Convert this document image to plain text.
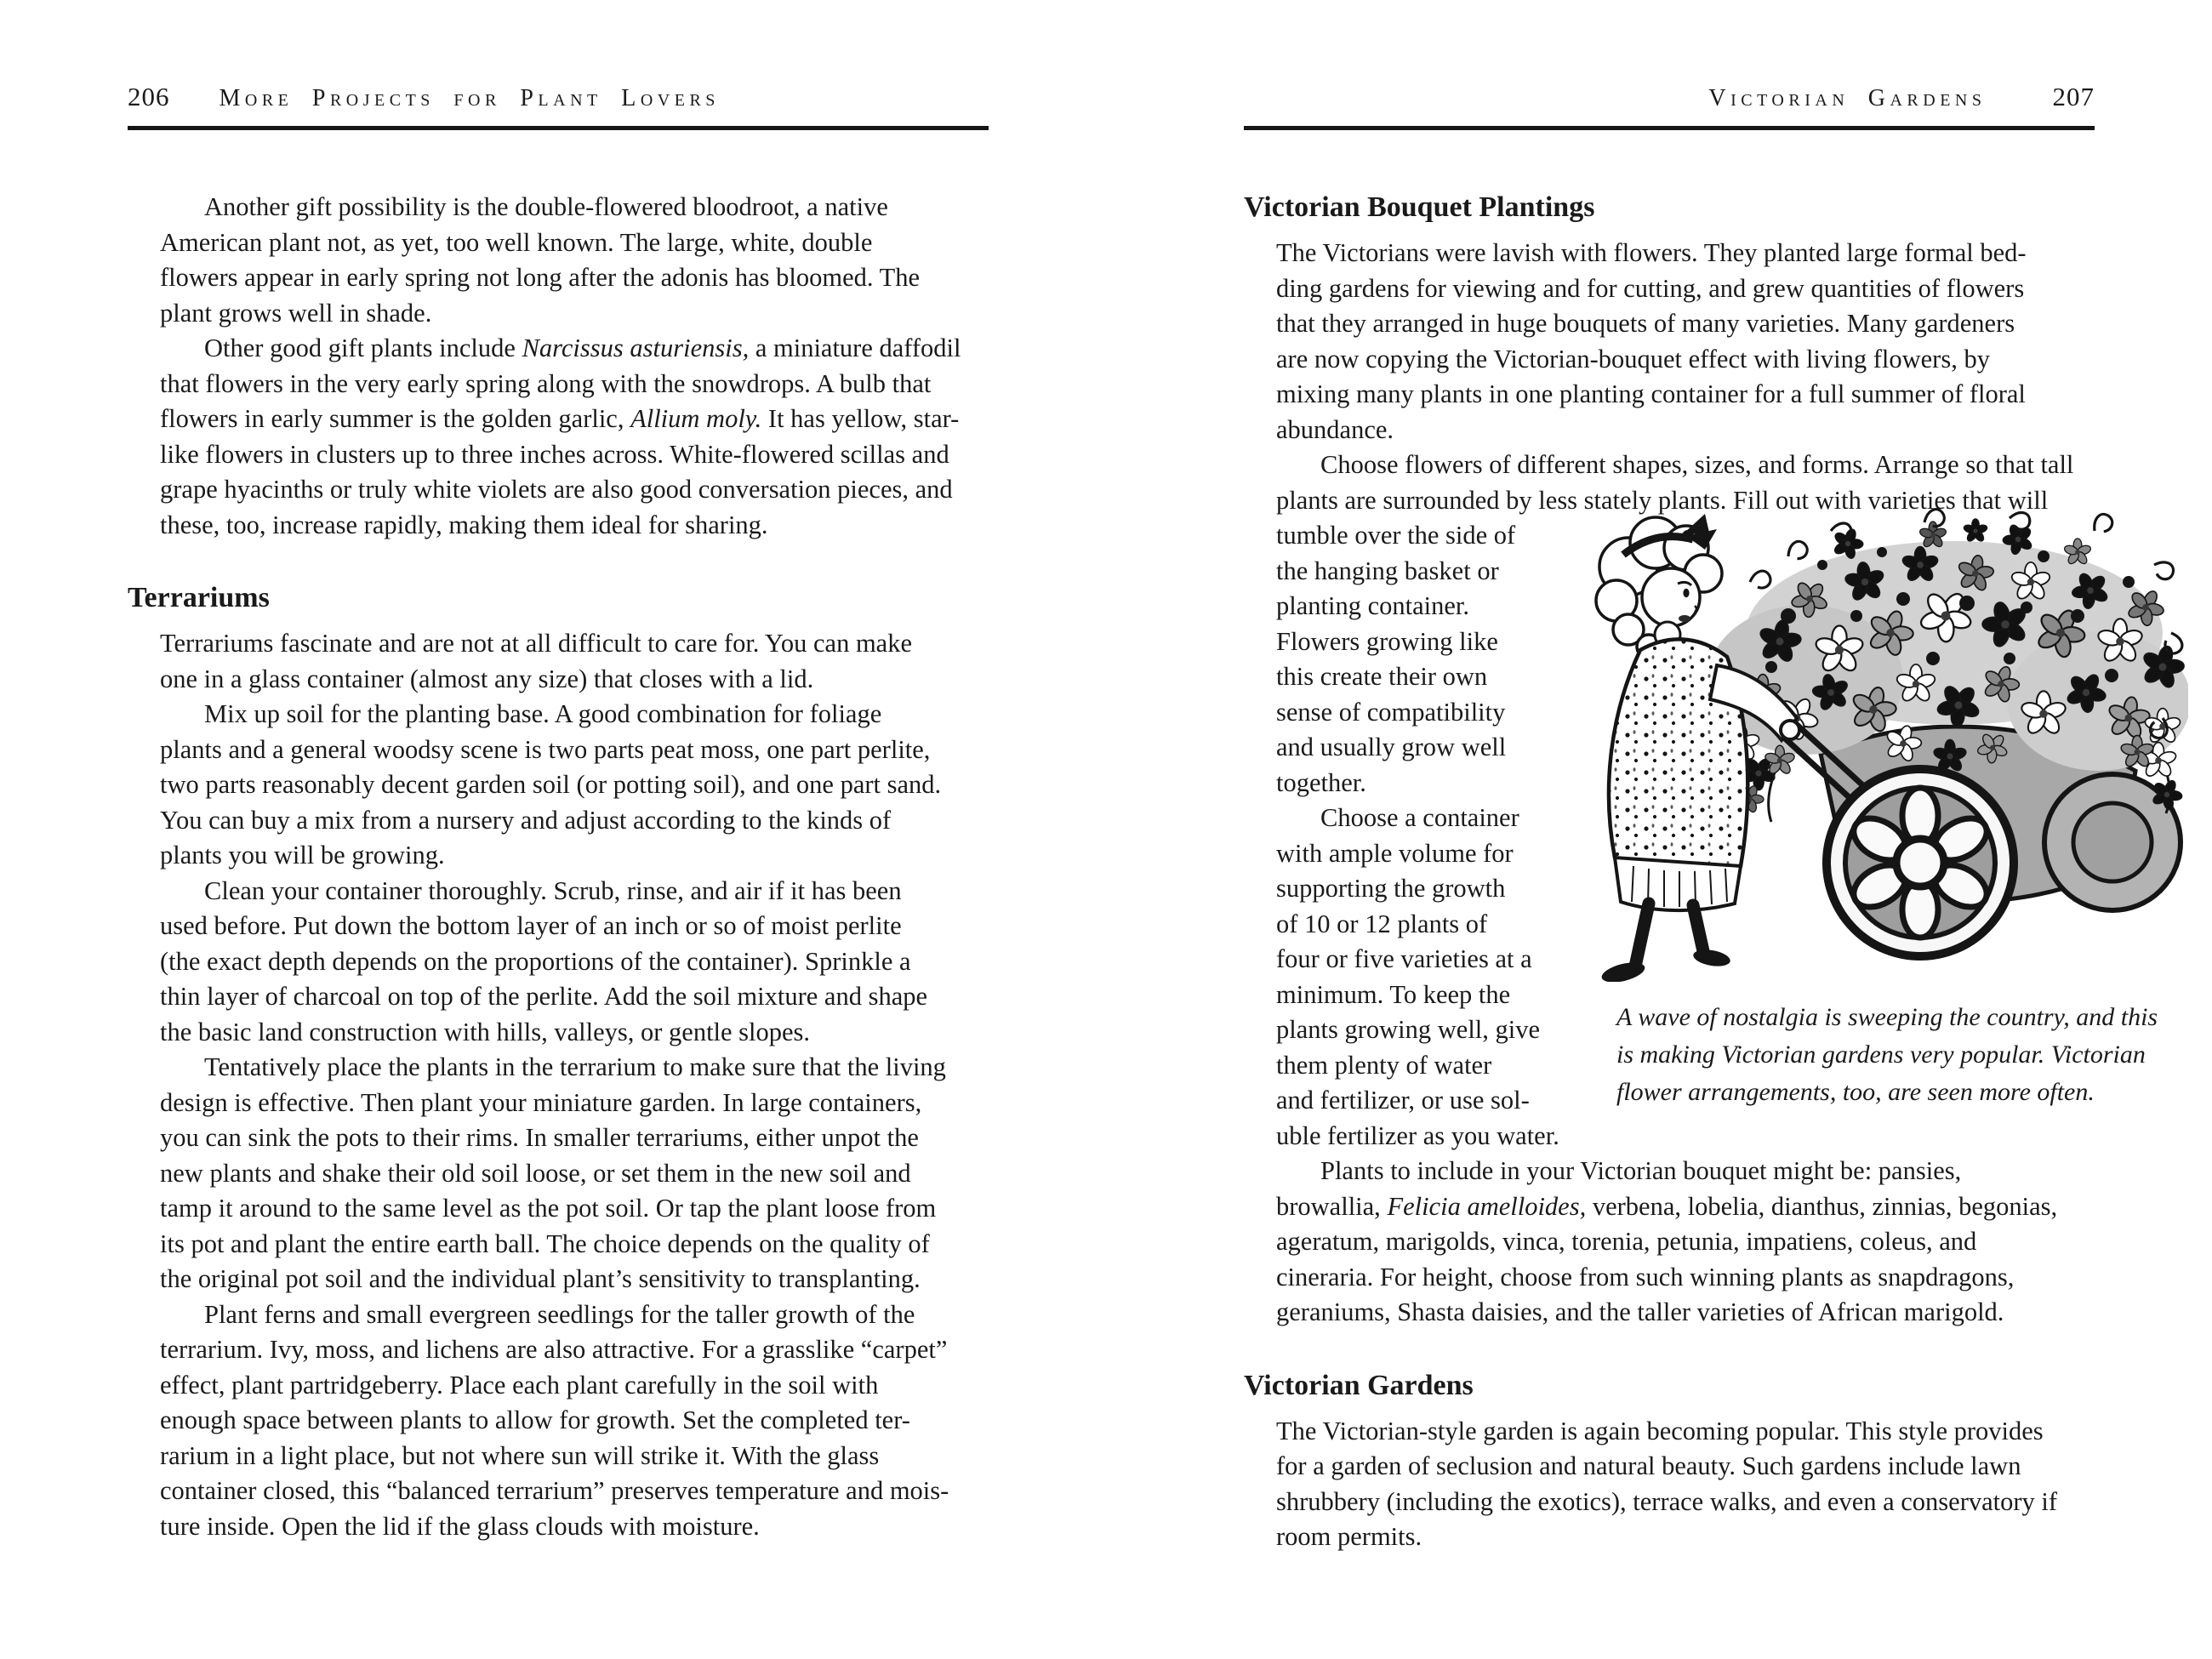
206 More Projects for Plant Lovers
Another gift possibility is the double-flowered bloodroot, a native
American plant not, as yet, too well known. The large, white, double
flowers appear in early spring not long after the adonis has bloomed. The
plant grows well in shade.
Other good gift plants include Narcissus asturiensis, a miniature daffodil
that flowers in the very early spring along with the snowdrops. A bulb that
flowers in early summer is the golden garlic, Allium moly. It has yellow, star-
like flowers in clusters up to three inches across. White-flowered scillas and
grape hyacinths or truly white violets are also good conversation pieces, and
these, too, increase rapidly, making them ideal for sharing.
Terrariums
Terrariums fascinate and are not at all difficult to care for. You can make
one in a glass container (almost any size) that closes with a lid.
Mix up soil for the planting base. A good combination for foliage
plants and a general woodsy scene is two parts peat moss, one part perlite,
two parts reasonably decent garden soil (or potting soil), and one part sand.
You can buy a mix from a nursery and adjust according to the kinds of
plants you will be growing.
Clean your container thoroughly. Scrub, rinse, and air if it has been
used before. Put down the bottom layer of an inch or so of moist perlite
(the exact depth depends on the proportions of the container). Sprinkle a
thin layer of charcoal on top of the perlite. Add the soil mixture and shape
the basic land construction with hills, valleys, or gentle slopes.
Tentatively place the plants in the terrarium to make sure that the living
design is effective. Then plant your miniature garden. In large containers,
you can sink the pots to their rims. In smaller terrariums, either unpot the
new plants and shake their old soil loose, or set them in the new soil and
tamp it around to the same level as the pot soil. Or tap the plant loose from
its pot and plant the entire earth ball. The choice depends on the quality of
the original pot soil and the individual plant’s sensitivity to transplanting.
Plant ferns and small evergreen seedlings for the taller growth of the
terrarium. Ivy, moss, and lichens are also attractive. For a grasslike “carpet”
effect, plant partridgeberry. Place each plant carefully in the soil with
enough space between plants to allow for growth. Set the completed ter-
rarium in a light place, but not where sun will strike it. With the glass
container closed, this “balanced terrarium” preserves temperature and mois-
ture inside. Open the lid if the glass clouds with moisture.
Victorian Gardens	207
Victorian Bouquet Plantings
The Victorians were lavish with flowers. They planted large formal bed-
ding gardens for viewing and for cutting, and grew quantities of flowers
that they arranged in huge bouquets of many varieties. Many gardeners
are now copying the Victorian-bouquet effect with living flowers, by
mixing many plants in one planting container for a full summer of floral
abundance.
Choose flowers of different shapes, sizes, and forms. Arrange so that tall
plants are surrounded by less stately plants. Fill out with varieties that will
tumble over the side of
the hanging basket or
planting container.
Flowers growing like
this create their own
sense of compatibility
and usually grow well
together.
Choose a container
with ample volume for
supporting the growth
of 10 or 12 plants of
four or five varieties at a
minimum. To keep the
plants growing well, give
them plenty of water
and fertilizer, or use sol-
uble fertilizer as you water.
Plants to include in your Victorian bouquet might be: pansies,
browallia, Felicia amelloides, verbena, lobelia, dianthus, zinnias, begonias,
ageratum, marigolds, vinca, torenia, petunia, impatiens, coleus, and
cineraria. For height, choose from such winning plants as snapdragons,
geraniums, Shasta daisies, and the taller varieties of African marigold.
Victorian Gardens
The Victorian-style garden is again becoming popular. This style provides
for a garden of seclusion and natural beauty. Such gardens include lawn
shrubbery (including the exotics), terrace walks, and even a conservatory if
room permits.
A wave of nostalgia is sweeping the country, and this
is making Victorian gardens very popular. Victorian
flower arrangements, too, are seen more often.
